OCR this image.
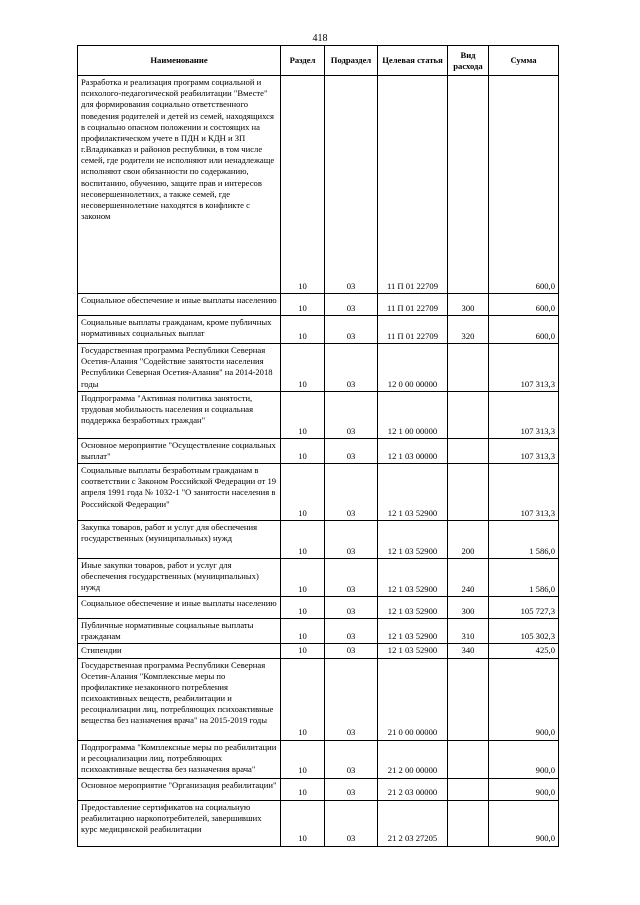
418
Наименование	Раздел	Подраздел	Целевая статья	Вид расхода	Сумма
Разработка и реализация программ социальной и психолого-педагогической реабилитации "Вместе" для формирования социально ответственного поведения родителей и детей из семей, находящихся в социально опасном положении и состоящих на профилактическом учете в ПДН и КДН и ЗП г.Владикавказ и районов республики, в том числе семей, где родители не исполняют или ненадлежаще исполняют свои обязанности по содержанию, воспитанию, обучению, защите прав и интересов несовершеннолетних, а также семей, где несовершеннолетние находятся в конфликте с законом	10	03	11 П 01 22709		600,0
Социальное обеспечение и иные выплаты населению	10	03	11 П 01 22709	300	600,0
Социальные выплаты гражданам, кроме публичных нормативных социальных выплат	10	03	11 П 01 22709	320	600,0
Государственная программа Республики Северная Осетия-Алания "Содействие занятости населения Республики Северная Осетия-Алания" на 2014-2018 годы	10	03	12 0 00 00000		107 313,3
Подпрограмма "Активная политика занятости, трудовая мобильность населения и социальная поддержка безработных граждан"	10	03	12 1 00 00000		107 313,3
Основное мероприятие "Осуществление социальных выплат"	10	03	12 1 03 00000		107 313,3
Социальные выплаты безработным гражданам в соответствии с Законом Российской Федерации от 19 апреля 1991 года № 1032-1 "О занятости населения в Российской Федерации"	10	03	12 1 03 52900		107 313,3
Закупка товаров, работ и услуг для обеспечения государственных (муниципальных) нужд	10	03	12 1 03 52900	200	1 586,0
Иные закупки товаров, работ и услуг для обеспечения государственных (муниципальных) нужд	10	03	12 1 03 52900	240	1 586,0
Социальное обеспечение и иные выплаты населению	10	03	12 1 03 52900	300	105 727,3
Публичные нормативные социальные выплаты гражданам	10	03	12 1 03 52900	310	105 302,3
Стипендии	10	03	12 1 03 52900	340	425,0
Государственная программа Республики Северная Осетия-Алания "Комплексные меры по профилактике незаконного потребления психоактивных веществ, реабилитации и ресоциализации лиц, потребляющих психоактивные вещества без назначения врача" на 2015-2019 годы	10	03	21 0 00 00000		900,0
Подпрограмма "Комплексные меры по реабилитации и ресоциализации лиц, потребляющих психоактивные вещества без назначения врача"	10	03	21 2 00 00000		900,0
Основное мероприятие "Организация реабилитации"	10	03	21 2 03 00000		900,0
Предоставление сертификатов на социальную реабилитацию наркопотребителей, завершивших курс медицинской реабилитации	10	03	21 2 03 27205		900,0
